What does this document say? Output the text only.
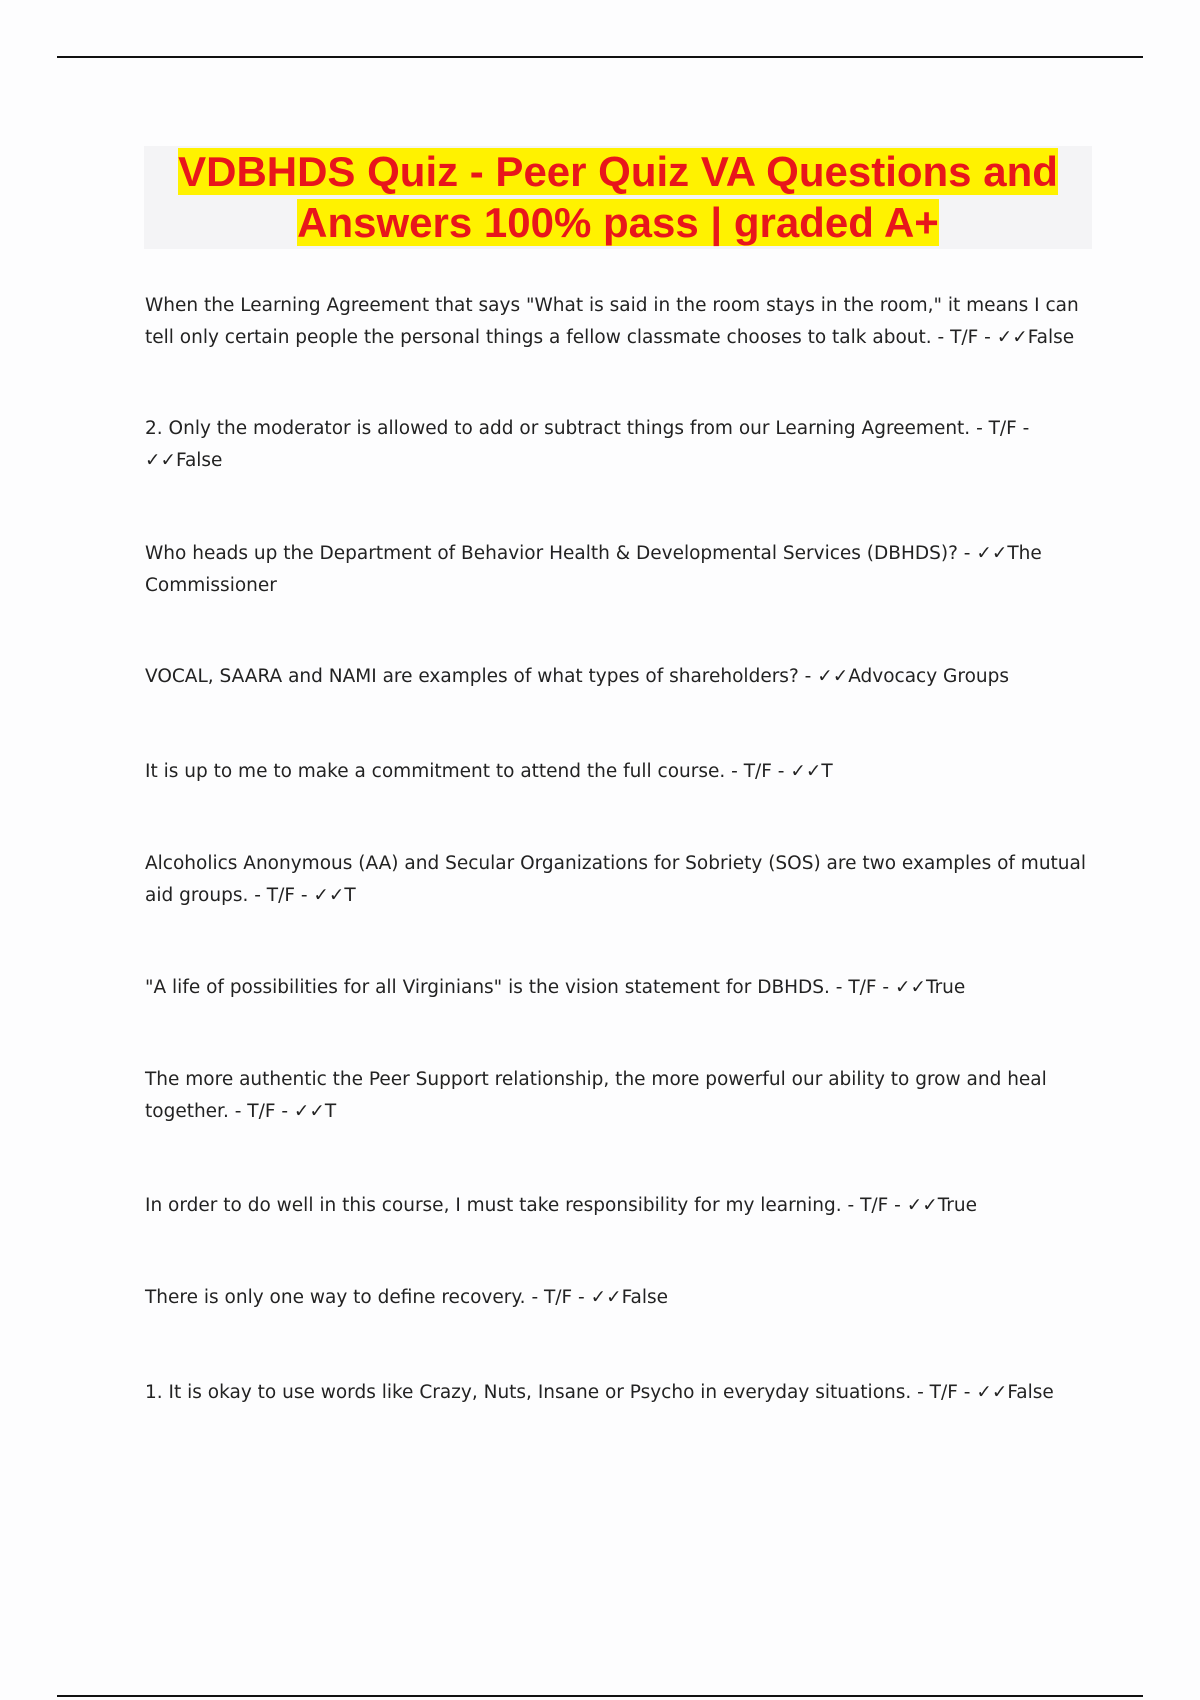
VDBHDS Quiz - Peer Quiz VA Questions and
Answers 100% pass | graded A+

When the Learning Agreement that says "What is said in the room stays in the room," it means I can tell only certain people the personal things a fellow classmate chooses to talk about. - T/F - ✓✓False

2. Only the moderator is allowed to add or subtract things from our Learning Agreement. - T/F - ✓✓False

Who heads up the Department of Behavior Health & Developmental Services (DBHDS)? - ✓✓The Commissioner

VOCAL, SAARA and NAMI are examples of what types of shareholders? - ✓✓Advocacy Groups

It is up to me to make a commitment to attend the full course. - T/F - ✓✓T

Alcoholics Anonymous (AA) and Secular Organizations for Sobriety (SOS) are two examples of mutual aid groups. - T/F - ✓✓T

"A life of possibilities for all Virginians" is the vision statement for DBHDS. - T/F - ✓✓True

The more authentic the Peer Support relationship, the more powerful our ability to grow and heal together. - T/F - ✓✓T

In order to do well in this course, I must take responsibility for my learning. - T/F - ✓✓True

There is only one way to define recovery. - T/F - ✓✓False

1. It is okay to use words like Crazy, Nuts, Insane or Psycho in everyday situations. - T/F - ✓✓False
